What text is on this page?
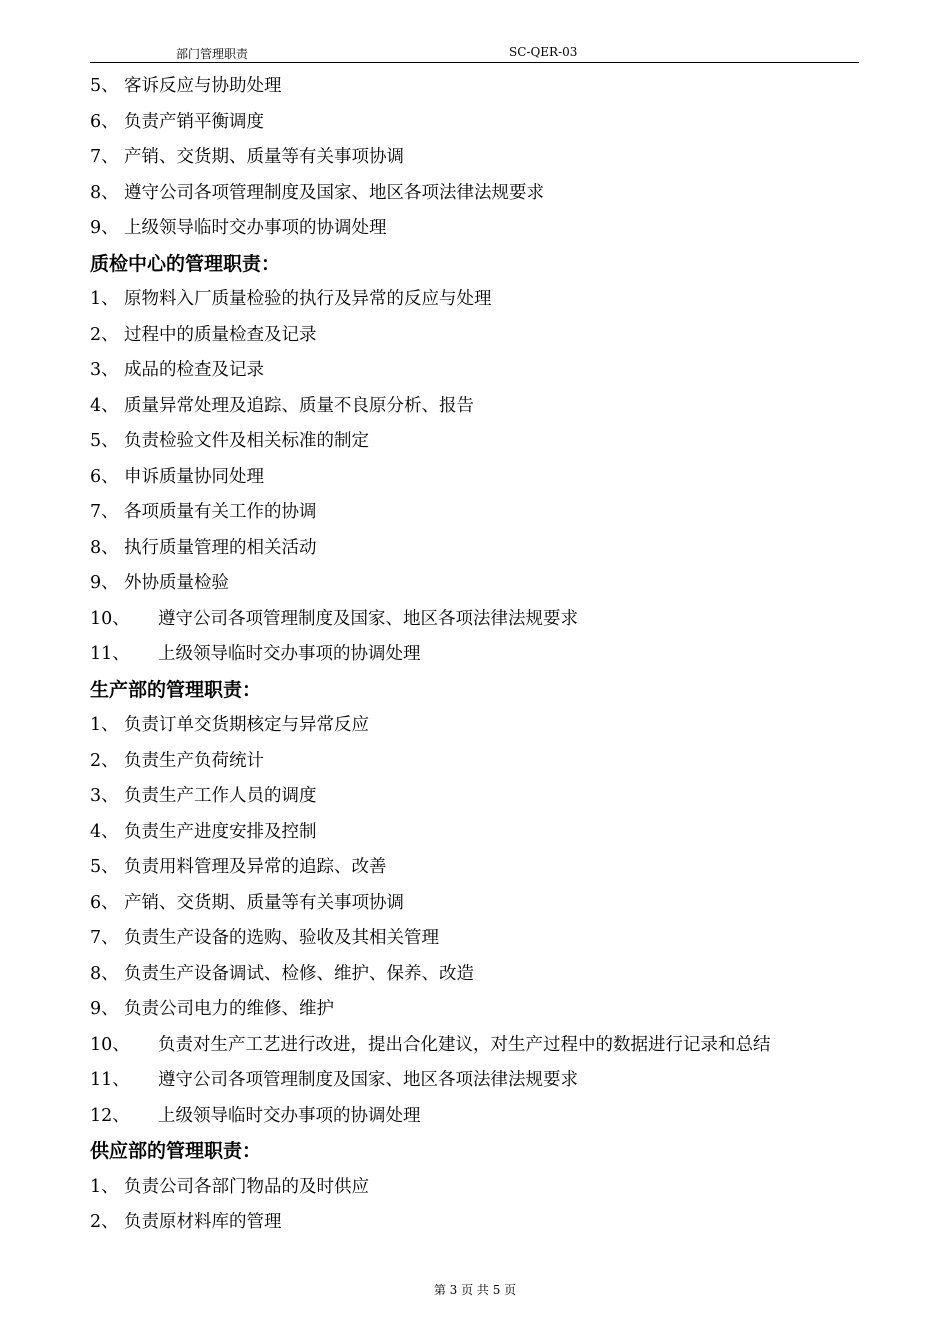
部门管理职责	SC-QER-03
5、 客诉反应与协助处理
6、 负责产销平衡调度
7、 产销、交货期、质量等有关事项协调
8、 遵守公司各项管理制度及国家、地区各项法律法规要求
9、 上级领导临时交办事项的协调处理
质检中心的管理职责：
1、 原物料入厂质量检验的执行及异常的反应与处理
2、 过程中的质量检查及记录
3、 成品的检查及记录
4、 质量异常处理及追踪、质量不良原分析、报告
5、 负责检验文件及相关标准的制定
6、 申诉质量协同处理
7、 各项质量有关工作的协调
8、 执行质量管理的相关活动
9、 外协质量检验
10、 遵守公司各项管理制度及国家、地区各项法律法规要求
11、 上级领导临时交办事项的协调处理
生产部的管理职责：
1、 负责订单交货期核定与异常反应
2、 负责生产负荷统计
3、 负责生产工作人员的调度
4、 负责生产进度安排及控制
5、 负责用料管理及异常的追踪、改善
6、 产销、交货期、质量等有关事项协调
7、 负责生产设备的选购、验收及其相关管理
8、 负责生产设备调试、检修、维护、保养、改造
9、 负责公司电力的维修、维护
10、 负责对生产工艺进行改进，提出合化建议，对生产过程中的数据进行记录和总结
11、 遵守公司各项管理制度及国家、地区各项法律法规要求
12、 上级领导临时交办事项的协调处理
供应部的管理职责：
1、 负责公司各部门物品的及时供应
2、 负责原材料库的管理
第 3 页 共 5 页
